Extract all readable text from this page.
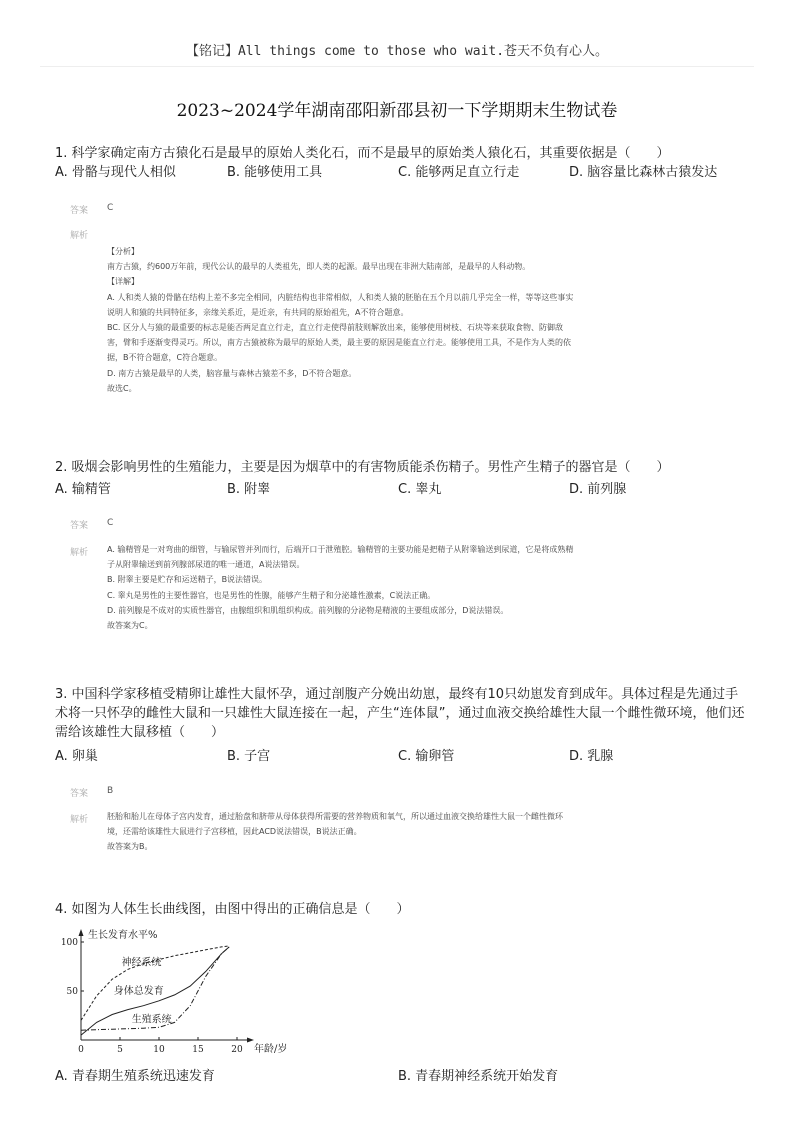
【铭记】All things come to those who wait.苍天不负有心人。
2023~2024学年湖南邵阳新邵县初一下学期期末生物试卷
1. 科学家确定南方古猿化石是最早的原始人类化石，而不是最早的原始类人猿化石，其重要依据是（　　）
A. 骨骼与现代人相似	B. 能够使用工具	C. 能够两足直立行走	D. 脑容量比森林古猿发达
答案 C
解析
【分析】
南方古猿，约600万年前，现代公认的最早的人类祖先，即人类的起源。最早出现在非洲大陆南部，是最早的人科动物。
【详解】
A. 人和类人猿的骨骼在结构上差不多完全相同，内脏结构也非常相似，人和类人猿的胚胎在五个月以前几乎完全一样，等等这些事实
说明人和猿的共同特征多，亲缘关系近，是近亲，有共同的原始祖先，A不符合题意。
BC. 区分人与猿的最重要的标志是能否两足直立行走，直立行走使得前肢则解放出来，能够使用树枝、石块等来获取食物、防御敌
害，臂和手逐渐变得灵巧。所以，南方古猿被称为最早的原始人类，最主要的原因是能直立行走。能够使用工具，不是作为人类的依
据，B不符合题意，C符合题意。
D. 南方古猿是最早的人类，脑容量与森林古猿差不多，D不符合题意。
故选C。
2. 吸烟会影响男性的生殖能力，主要是因为烟草中的有害物质能杀伤精子。男性产生精子的器官是（　　）
A. 输精管	B. 附睾	C. 睾丸	D. 前列腺
答案 C
解析 A. 输精管是一对弯曲的细管，与输尿管并列而行，后端开口于泄殖腔。输精管的主要功能是把精子从附睾输送到尿道，它是将成熟精
子从附睾输送到前列腺部尿道的唯一通道，A说法错误。
B. 附睾主要是贮存和运送精子，B说法错误。
C. 睾丸是男性的主要性器官，也是男性的性腺，能够产生精子和分泌雄性激素，C说法正确。
D. 前列腺是不成对的实质性器官，由腺组织和肌组织构成。前列腺的分泌物是精液的主要组成部分，D说法错误。
故答案为C。
3. 中国科学家移植受精卵让雄性大鼠怀孕，通过剖腹产分娩出幼崽，最终有10只幼崽发育到成年。具体过程是先通过手术将一只怀孕的雌性大鼠和一只雄性大鼠连接在一起，产生“连体鼠”，通过血液交换给雄性大鼠一个雌性微环境，他们还需给该雄性大鼠移植（　　）
A. 卵巢	B. 子宫	C. 输卵管	D. 乳腺
答案 B
解析 胚胎和胎儿在母体子宫内发育，通过胎盘和脐带从母体获得所需要的营养物质和氧气，所以通过血液交换给雄性大鼠一个雌性微环
境，还需给该雄性大鼠进行子宫移植，因此ACD说法错误，B说法正确。
故答案为B。
4. 如图为人体生长曲线图，由图中得出的正确信息是（　　）
0	5	10	15	20
50
100
神经系统
身体总发育
生殖系统
生长发育水平%
年龄/岁
A. 青春期生殖系统迅速发育	B. 青春期神经系统开始发育
